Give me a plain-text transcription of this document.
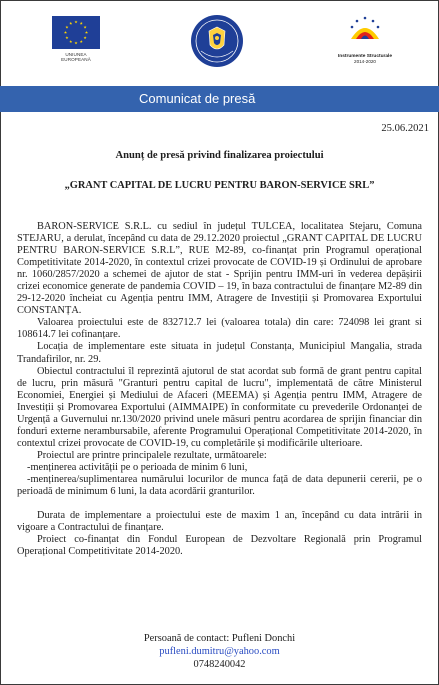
UNIUNEA EUROPEANĂ
Instrumente Structurale
2014-2020
Comunicat de presă
25.06.2021
Anunț de presă privind finalizarea proiectului
„GRANT CAPITAL DE LUCRU PENTRU BARON-SERVICE SRL”

BARON-SERVICE S.R.L. cu sediul în județul TULCEA, localitatea Stejaru, Comuna STEJARU, a derulat, începând cu data de 29.12.2020 proiectul „GRANT CAPITAL DE LUCRU PENTRU BARON-SERVICE S.R.L”, RUE M2-89, co-finanțat prin Programul operațional Competitivitate 2014-2020, în contextul crizei provocate de COVID-19 și Ordinului de aprobare nr. 1060/2857/2020 a schemei de ajutor de stat - Sprijin pentru IMM-uri în vederea depășirii crizei economice generate de pandemia COVID – 19, în baza contractului de finanțare M2-89 din 29-12-2020 încheiat cu Agenția pentru IMM, Atragere de Investiții și Promovarea Exportului CONSTANȚA.

Valoarea proiectului este de 832712.7 lei (valoarea totala) din care: 724098 lei grant si 108614.7 lei cofinanțare.

Locația de implementare este situata in județul Constanța, Municipiul Mangalia, strada Trandafirilor, nr. 29.

Obiectul contractului îl reprezintă ajutorul de stat acordat sub formă de grant pentru capital de lucru, prin măsură "Granturi pentru capital de lucru", implementată de către Ministerul Economiei, Energiei și Mediului de Afaceri (MEEMA) și Agenția pentru IMM, Atragere de Investiții și Promovarea Exportului (AIMMAIPE) în conformitate cu prevederile Ordonanței de Urgență a Guvernului nr.130/2020 privind unele măsuri pentru acordarea de sprijin financiar din fonduri externe nerambursabile, aferente Programului Operațional Competitivitate 2014-2020, în contextul crizei provocate de COVID-19, cu completările și modificările ulterioare.

Proiectul are printre principalele rezultate, următoarele:

-menținerea activității pe o perioada de minim 6 luni,

-menținerea/suplimentarea numărului locurilor de munca față de data depunerii cererii, pe o perioadă de minimum 6 luni, la data acordării granturilor.

Durata de implementare a proiectului este de maxim 1 an, începând cu data intrării in vigoare a Contractului de finanțare.

Proiect co-finanțat din Fondul European de Dezvoltare Regională prin Programul Operațional Competitivitate 2014-2020.

Persoană de contact: Pufleni Donchi
pufleni.dumitru@yahoo.com
0748240042
